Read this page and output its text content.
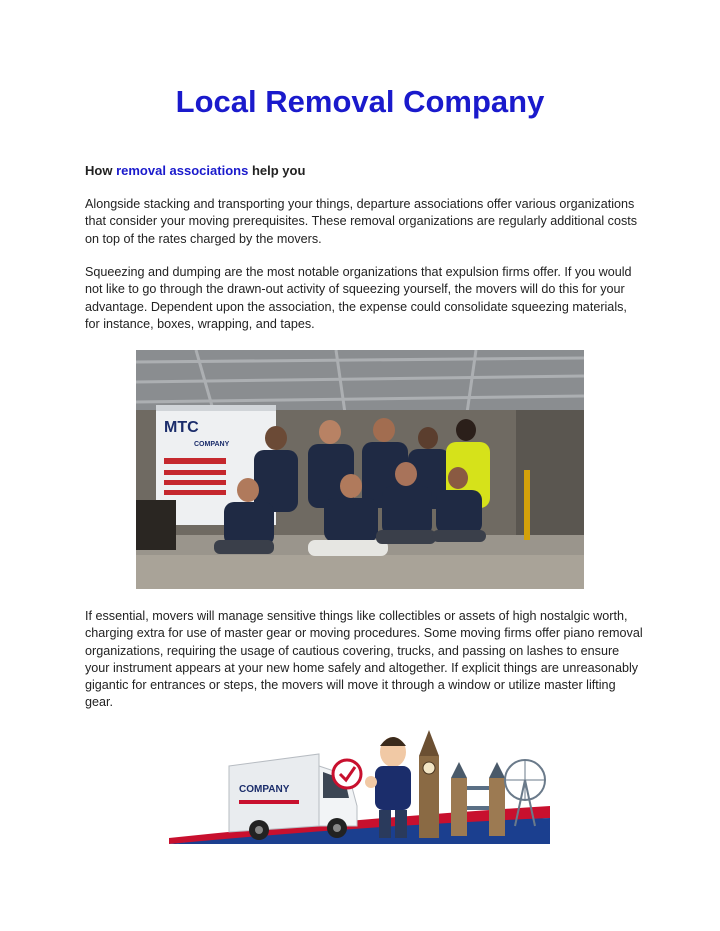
Local Removal Company

How removal associations help you

Alongside stacking and transporting your things, departure associations offer various organizations that consider your moving prerequisites. These removal organizations are regularly additional costs on top of the rates charged by the movers.

Squeezing and dumping are the most notable organizations that expulsion firms offer. If you would not like to go through the drawn-out activity of squeezing yourself, the movers will do this for your advantage. Dependent upon the association, the expense could consolidate squeezing materials, for instance, boxes, wrapping, and tapes.

MTC
COMPANY

If essential, movers will manage sensitive things like collectibles or assets of high nostalgic worth, charging extra for use of master gear or moving procedures. Some moving firms offer piano removal organizations, requiring the usage of cautious covering, trucks, and passing on lashes to ensure your instrument appears at your new home safely and altogether. If explicit things are unreasonably gigantic for entrances or steps, the movers will move it through a window or utilize master lifting gear.

COMPANY
